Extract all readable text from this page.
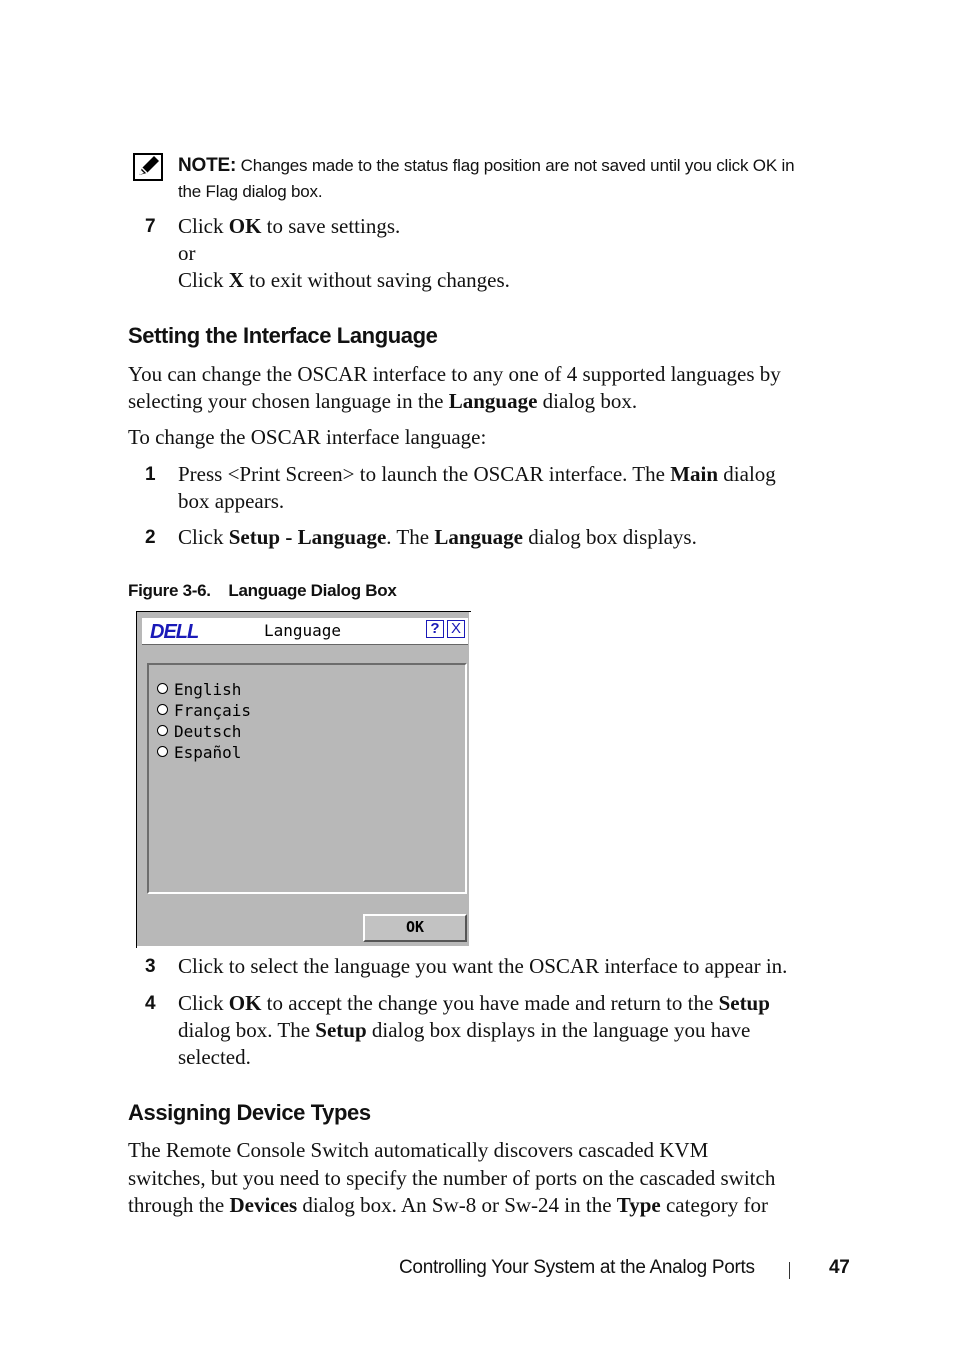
NOTE: Changes made to the status flag position are not saved until you click OK in
the Flag dialog box.
7 Click OK to save settings.
or
Click X to exit without saving changes.
Setting the Interface Language
You can change the OSCAR interface to any one of 4 supported languages by
selecting your chosen language in the Language dialog box.
To change the OSCAR interface language:
1 Press <Print Screen> to launch the OSCAR interface. The Main dialog
box appears.
2 Click Setup - Language. The Language dialog box displays.
Figure 3-6. Language Dialog Box
DELL	Language	? X
English
Français
Deutsch
Español
OK
3 Click to select the language you want the OSCAR interface to appear in.
4 Click OK to accept the change you have made and return to the Setup
dialog box. The Setup dialog box displays in the language you have
selected.
Assigning Device Types
The Remote Console Switch automatically discovers cascaded KVM
switches, but you need to specify the number of ports on the cascaded switch
through the Devices dialog box. An Sw-8 or Sw-24 in the Type category for
Controlling Your System at the Analog Ports	47
